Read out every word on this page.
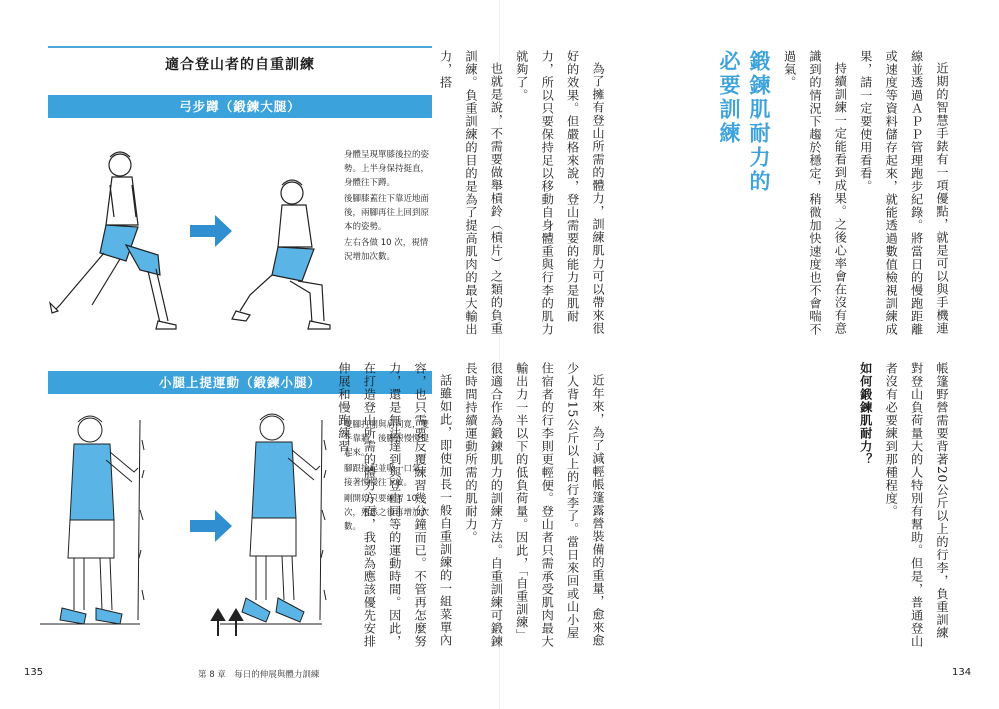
適合登山者的自重訓練
弓步蹲（鍛鍊大腿）

身體呈現單膝後拉的姿勢。上半身保持挺直，身體往下蹲。

後腳膝蓋往下靠近地面後，兩腳再往上回到原本的姿勢。

左右各做 10 次，視情況增加次數。

小腿上提運動（鍛鍊小腿）

雙腳打開與肩同寬，雙手靠牆，後腳跟慢慢提起來。

腳跟抬起並吸一口氣，接著慢慢往下放。

剛開始只要練習 10 次，熟悉之後再增加次數。

135	第 8 章　每日的伸展與體力訓練

近期的智慧手錶有一項優點，就是可以與手機連線並透過ＡＰＰ管理跑步紀錄。將當日的慢跑距離或速度等資料儲存起來，就能透過數值檢視訓練成果，請一定要使用看看。

持續訓練一定能看到成果。之後心率會在沒有意識到的情況下趨於穩定，稍微加快速度也不會喘不過氣。

鍛鍊肌耐力的
必要訓練

為了擁有登山所需的體力，訓練肌力可以帶來很好的效果。但嚴格來說，登山需要的能力是肌耐力，所以只要保持足以移動自身體重與行李的肌力就夠了。

也就是說，不需要做舉槓鈴（槓片）之類的負重訓練。負重訓練的目的是為了提高肌肉的最大輸出力，搭

帳篷野營需要背著20公斤以上的行李，負重訓練對登山負荷量大的人特別有幫助。但是，普通登山者沒有必要練到那種程度。

如何鍛鍊肌耐力？

近年來，為了減輕帳篷露營裝備的重量，愈來愈少人背15公斤以上的行李了。當日來回或山小屋住宿者的行李則更輕便。登山者只需承受肌肉最大輸出力一半以下的低負荷量。因此，「自重訓練」很適合作為鍛鍊肌力的訓練方法。自重訓練可鍛鍊長時間持續運動所需的肌耐力。

話雖如此，即使加長一般自重訓練的一組菜單內容，也只需要反覆練習幾分鐘而已。不管再怎麼努力，還是無法達到與登山同等的運動時間。因此，在打造登山所需的體力方面，我認為應該優先安排伸展和慢跑練習。

134
